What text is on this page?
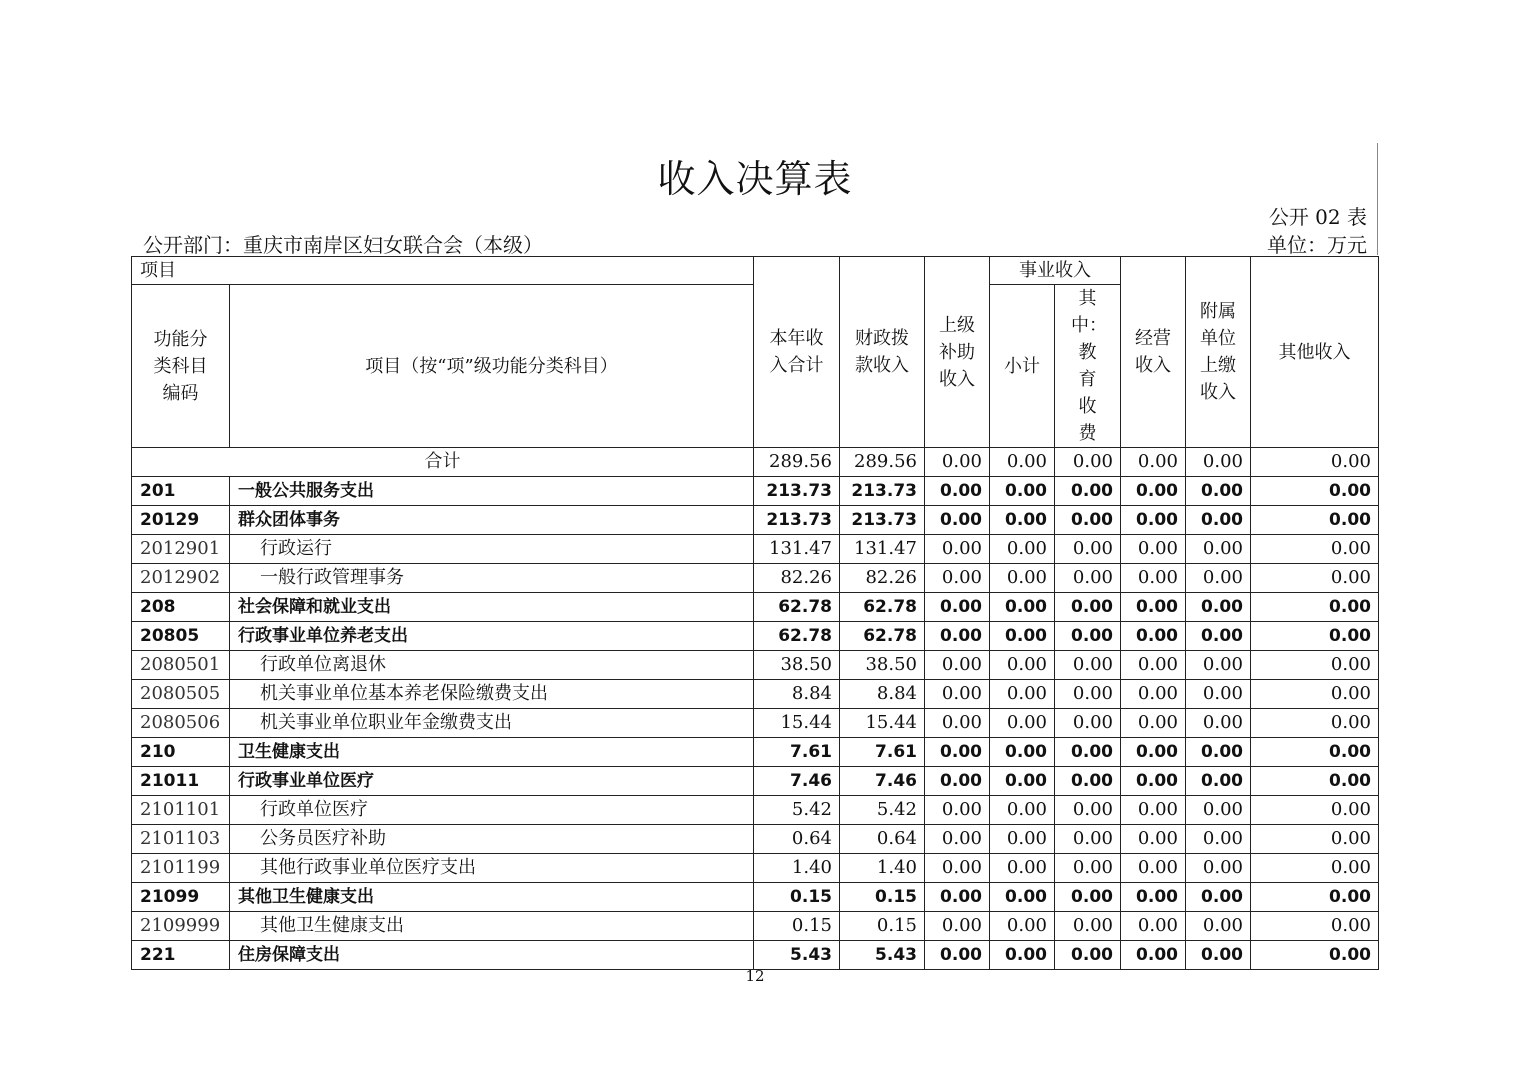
收入决算表
公开 02 表
公开部门：重庆市南岸区妇女联合会（本级）	单位：万元
项目		本年收入合计	财政拨款收入	上级补助收入	事业收入		经营收入	附属单位上缴收入	其他收入
功能分类科目编码	项目（按“项”级功能分类科目）				小计	其中：教育收费			
合计		289.56	289.56	0.00	0.00	0.00	0.00	0.00	0.00
201	一般公共服务支出	213.73	213.73	0.00	0.00	0.00	0.00	0.00	0.00
20129	群众团体事务	213.73	213.73	0.00	0.00	0.00	0.00	0.00	0.00
2012901	行政运行	131.47	131.47	0.00	0.00	0.00	0.00	0.00	0.00
2012902	一般行政管理事务	82.26	82.26	0.00	0.00	0.00	0.00	0.00	0.00
208	社会保障和就业支出	62.78	62.78	0.00	0.00	0.00	0.00	0.00	0.00
20805	行政事业单位养老支出	62.78	62.78	0.00	0.00	0.00	0.00	0.00	0.00
2080501	行政单位离退休	38.50	38.50	0.00	0.00	0.00	0.00	0.00	0.00
2080505	机关事业单位基本养老保险缴费支出	8.84	8.84	0.00	0.00	0.00	0.00	0.00	0.00
2080506	机关事业单位职业年金缴费支出	15.44	15.44	0.00	0.00	0.00	0.00	0.00	0.00
210	卫生健康支出	7.61	7.61	0.00	0.00	0.00	0.00	0.00	0.00
21011	行政事业单位医疗	7.46	7.46	0.00	0.00	0.00	0.00	0.00	0.00
2101101	行政单位医疗	5.42	5.42	0.00	0.00	0.00	0.00	0.00	0.00
2101103	公务员医疗补助	0.64	0.64	0.00	0.00	0.00	0.00	0.00	0.00
2101199	其他行政事业单位医疗支出	1.40	1.40	0.00	0.00	0.00	0.00	0.00	0.00
21099	其他卫生健康支出	0.15	0.15	0.00	0.00	0.00	0.00	0.00	0.00
2109999	其他卫生健康支出	0.15	0.15	0.00	0.00	0.00	0.00	0.00	0.00
221	住房保障支出	5.43	5.43	0.00	0.00	0.00	0.00	0.00	0.00
12
